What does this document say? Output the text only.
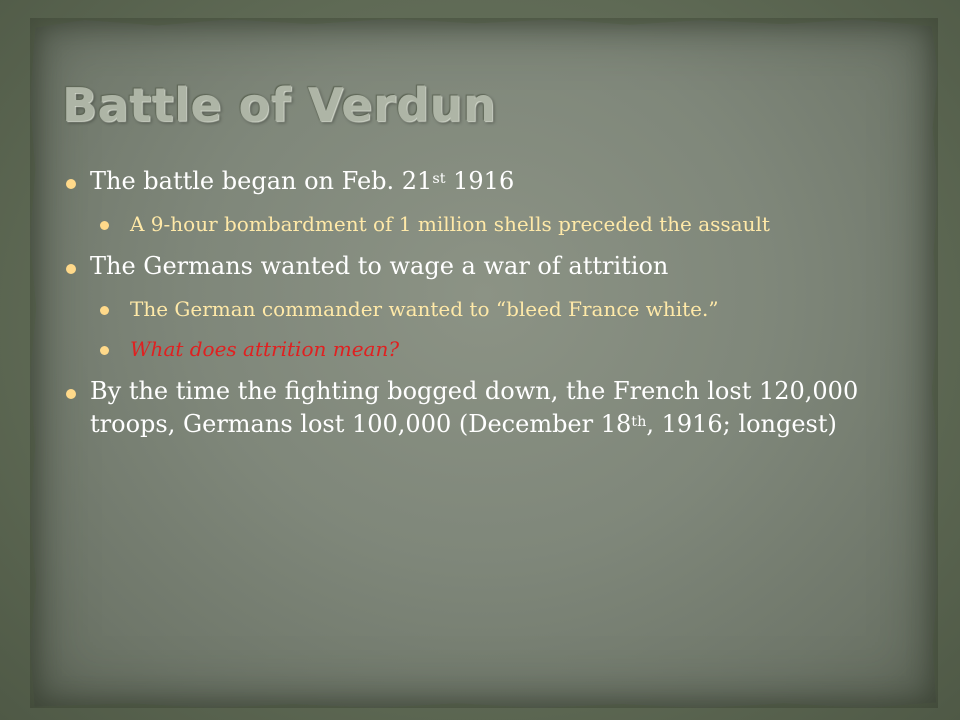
Battle of Verdun
The battle began on Feb. 21st 1916
A 9-hour bombardment of 1 million shells preceded the assault
The Germans wanted to wage a war of attrition
The German commander wanted to “bleed France white.”
What does attrition mean?
By the time the fighting bogged down, the French lost 120,000 troops, Germans lost 100,000 (December 18th, 1916; longest)
